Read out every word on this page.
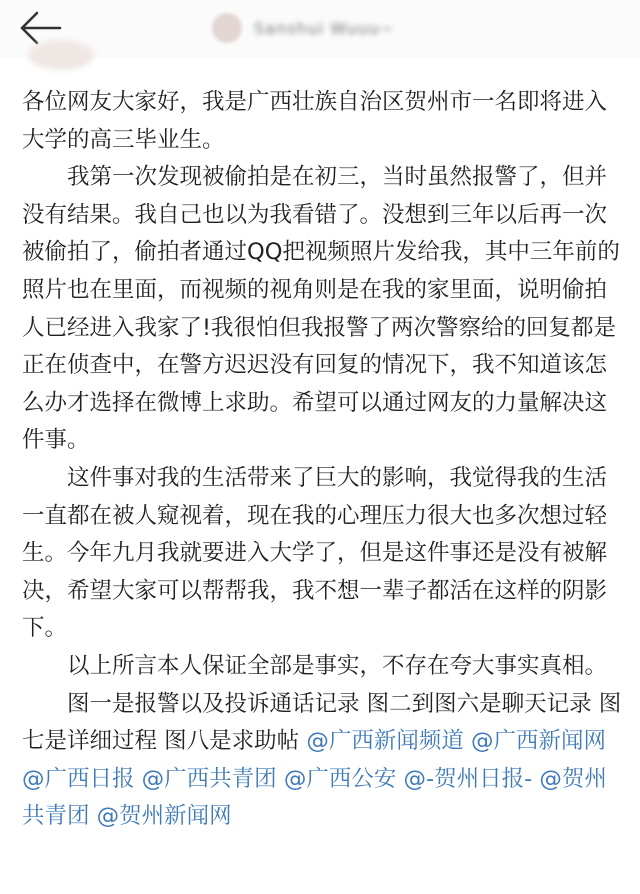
Sanshui Wuuu~

各位网友大家好，我是广西壮族自治区贺州市一名即将进入大学的高三毕业生。

我第一次发现被偷拍是在初三，当时虽然报警了，但并没有结果。我自己也以为我看错了。没想到三年以后再一次被偷拍了，偷拍者通过QQ把视频照片发给我，其中三年前的照片也在里面，而视频的视角则是在我的家里面，说明偷拍人已经进入我家了!我很怕但我报警了两次警察给的回复都是正在侦查中，在警方迟迟没有回复的情况下，我不知道该怎么办才选择在微博上求助。希望可以通过网友的力量解决这件事。

这件事对我的生活带来了巨大的影响，我觉得我的生活一直都在被人窥视着，现在我的心理压力很大也多次想过轻生。今年九月我就要进入大学了，但是这件事还是没有被解决，希望大家可以帮帮我，我不想一辈子都活在这样的阴影下。

以上所言本人保证全部是事实，不存在夸大事实真相。

图一是报警以及投诉通话记录 图二到图六是聊天记录 图七是详细过程 图八是求助帖 @广西新闻频道 @广西新闻网 @广西日报 @广西共青团 @广西公安 @-贺州日报- @贺州共青团 @贺州新闻网
